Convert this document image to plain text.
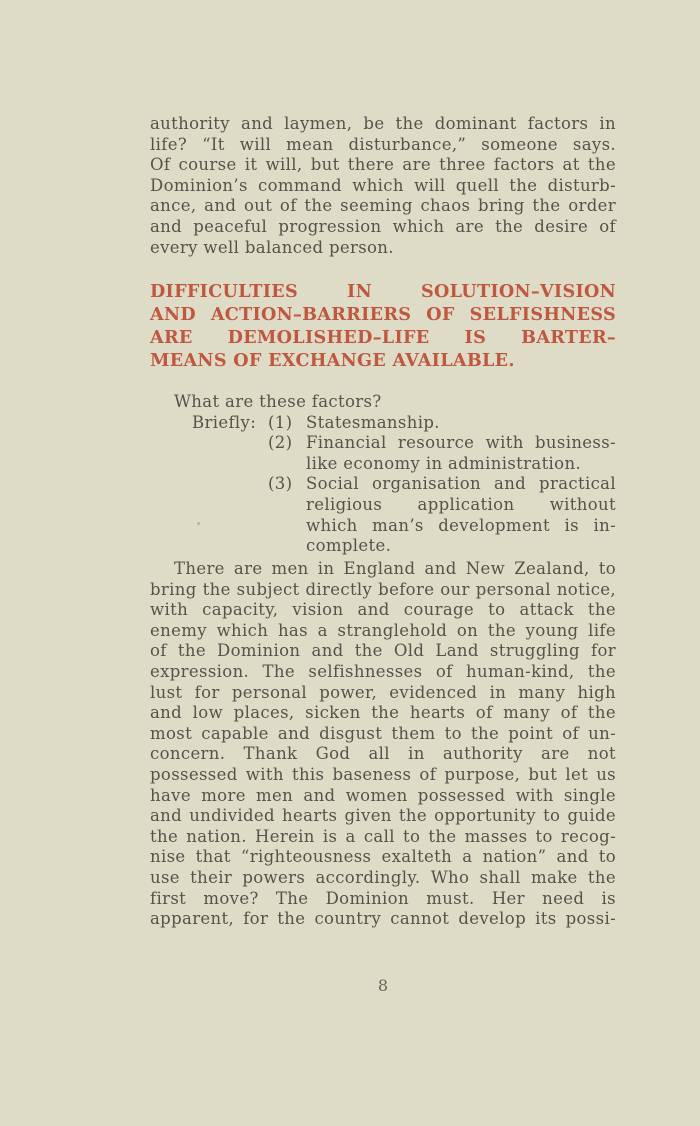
authority and laymen, be the dominant factors in
life? “It will mean disturbance,” someone says.
Of course it will, but there are three factors at the
Dominion’s command which will quell the disturb-
ance, and out of the seeming chaos bring the order
and peaceful progression which are the desire of
every well balanced person.
DIFFICULTIES IN SOLUTION–VISION
AND ACTION–BARRIERS OF SELFISHNESS
ARE DEMOLISHED–LIFE IS BARTER–
MEANS OF EXCHANGE AVAILABLE.
What are these factors?
Briefly: (1) Statesmanship.
(2) Financial resource with business-
like economy in administration.
(3) Social organisation and practical
religious application without
which man’s development is in-
complete.
There are men in England and New Zealand, to
bring the subject directly before our personal notice,
with capacity, vision and courage to attack the
enemy which has a stranglehold on the young life
of the Dominion and the Old Land struggling for
expression. The selfishnesses of human-kind, the
lust for personal power, evidenced in many high
and low places, sicken the hearts of many of the
most capable and disgust them to the point of un-
concern. Thank God all in authority are not
possessed with this baseness of purpose, but let us
have more men and women possessed with single
and undivided hearts given the opportunity to guide
the nation. Herein is a call to the masses to recog-
nise that “righteousness exalteth a nation” and to
use their powers accordingly. Who shall make the
first move? The Dominion must. Her need is
apparent, for the country cannot develop its possi-
8
